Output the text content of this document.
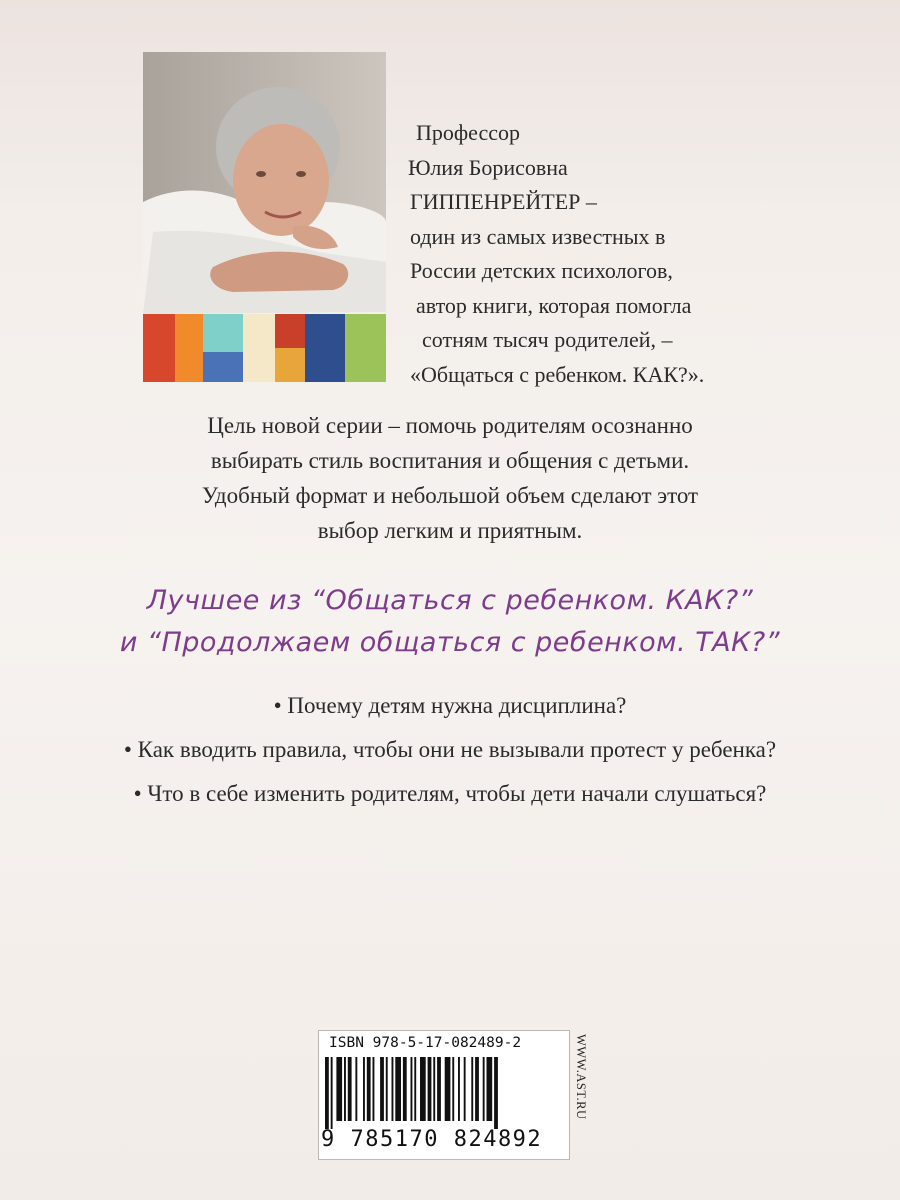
Профессор
Юлия Борисовна
ГИППЕНРЕЙТЕР –
один из самых известных в
России детских психологов,
автор книги, которая помогла
сотням тысяч родителей, –
«Общаться с ребенком. КАК?».
Цель новой серии – помочь родителям осознанно
выбирать стиль воспитания и общения с детьми.
Удобный формат и небольшой объем сделают этот
выбор легким и приятным.
Лучшее из “Общаться с ребенком. КАК?”
и “Продолжаем общаться с ребенком. ТАК?”
• Почему детям нужна дисциплина?
• Как вводить правила, чтобы они не вызывали протест у ребенка?
• Что в себе изменить родителям, чтобы дети начали слушаться?
ISBN 978-5-17-082489-2
9 785170 824892
WWW.AST.RU
